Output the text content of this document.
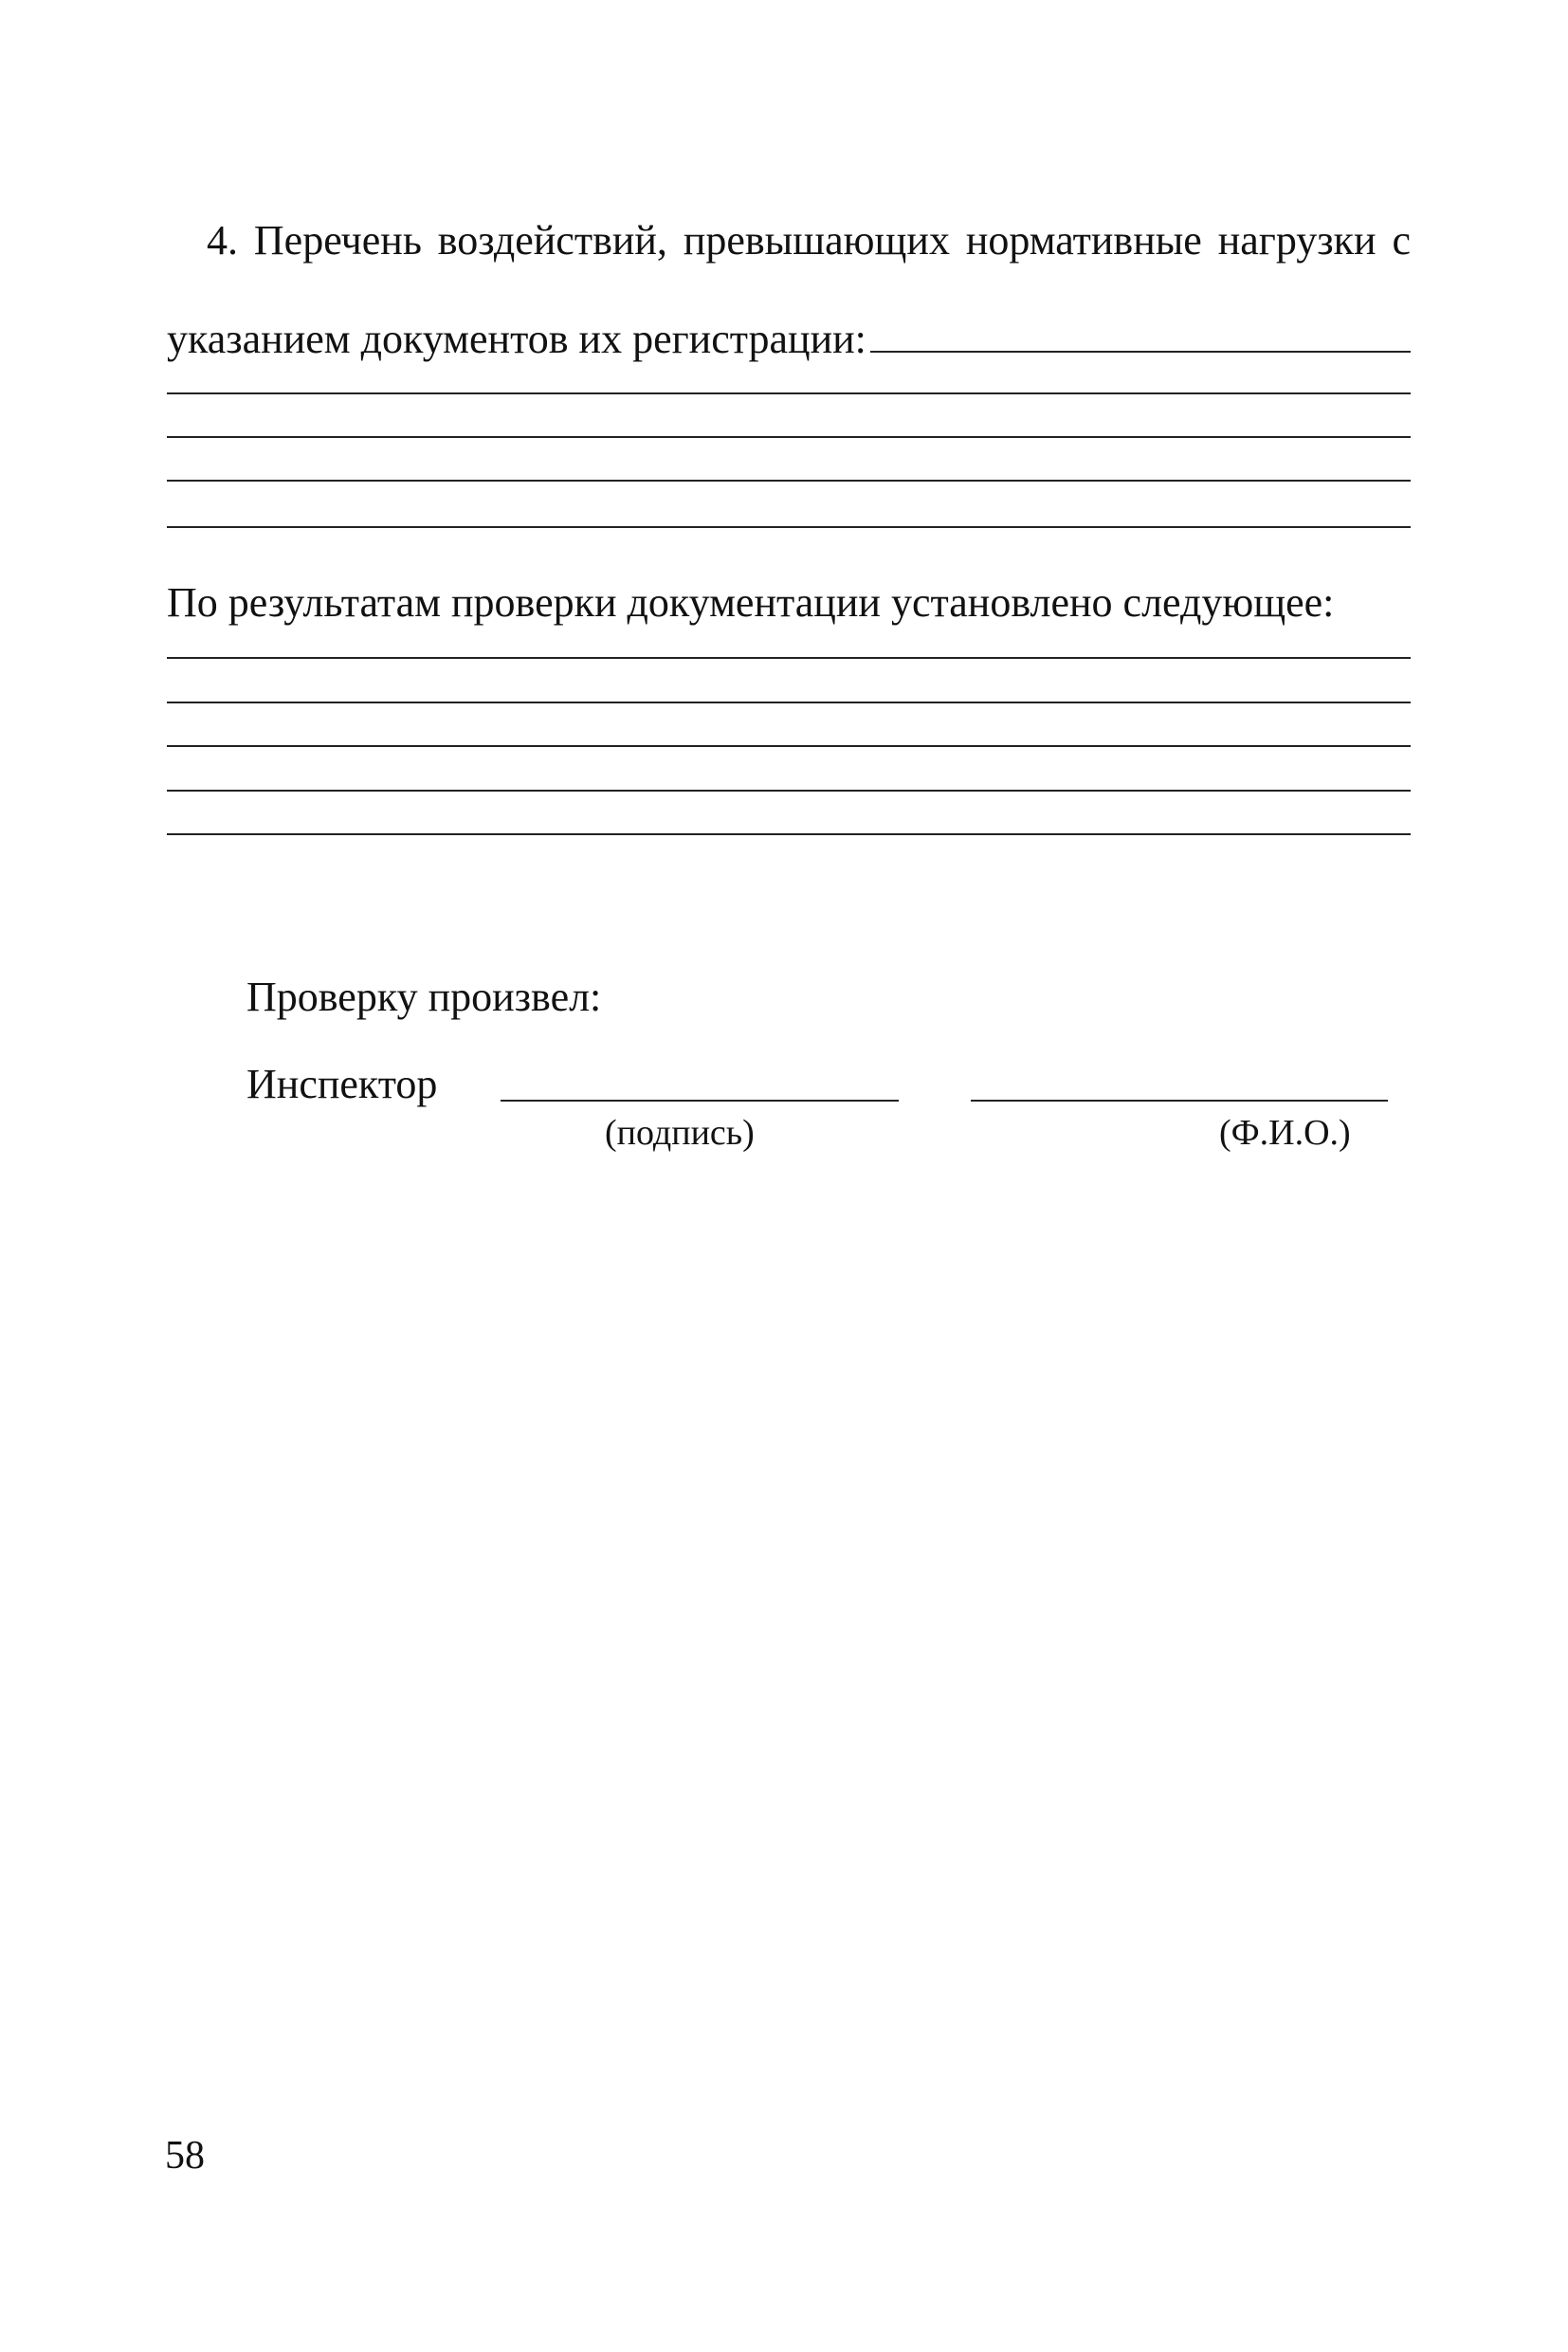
4. Перечень воздействий, превышающих нормативные нагрузки с
указанием документов их регистрации:
По результатам проверки документации установлено следующее:
Проверку произвел:
Инспектор
(подпись)	(Ф.И.О.)
58
